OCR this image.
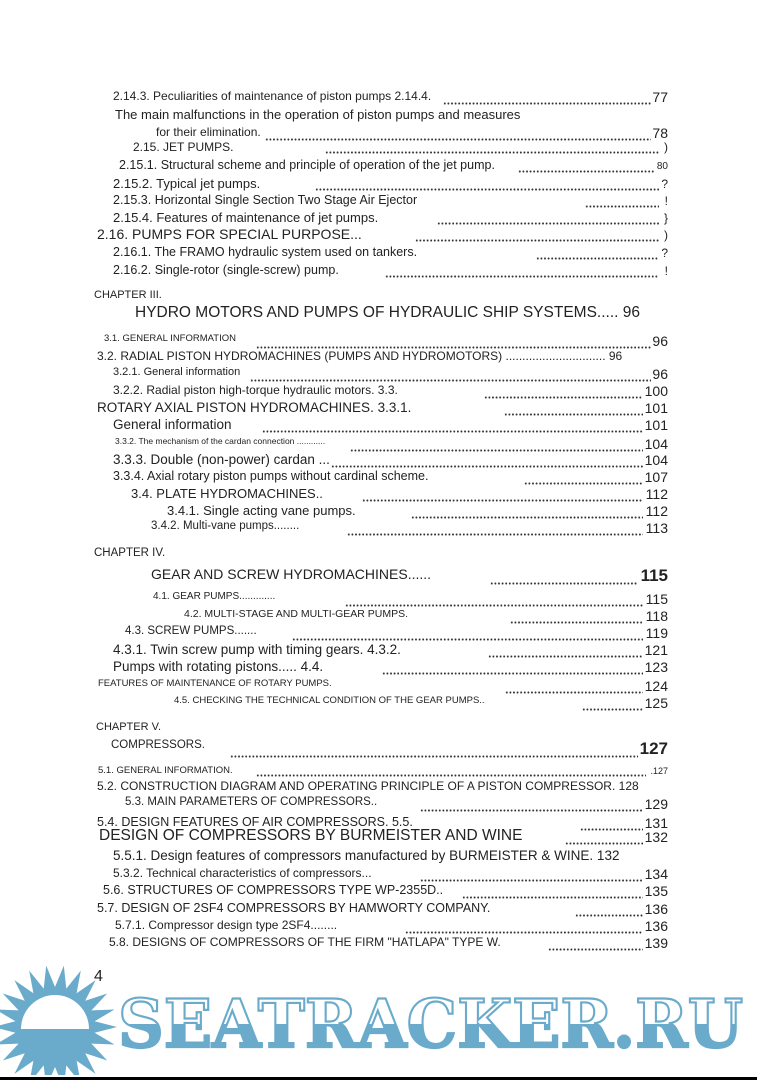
2.14.3. Peculiarities of maintenance of piston pumps 2.14.4.	77
The main malfunctions in the operation of piston pumps and measures
for their elimination.	78
2.15. JET PUMPS.	)
2.15.1. Structural scheme and principle of operation of the jet pump.	80
2.15.2. Typical jet pumps.	?
2.15.3. Horizontal Single Section Two Stage Air Ejector	!
2.15.4. Features of maintenance of jet pumps.	}
2.16. PUMPS FOR SPECIAL PURPOSE...	)
2.16.1. The FRAMO hydraulic system used on tankers.	?
2.16.2. Single-rotor (single-screw) pump.	!
CHAPTER III.
HYDRO MOTORS AND PUMPS OF HYDRAULIC SHIP SYSTEMS..... 96
3.1. GENERAL INFORMATION	96
3.2. RADIAL PISTON HYDROMACHINES (PUMPS AND HYDROMOTORS) .............................. 96
3.2.1. General information	96
3.2.2. Radial piston high-torque hydraulic motors. 3.3.	100
ROTARY AXIAL PISTON HYDROMACHINES. 3.3.1.	101
General information	101
3.3.2. The mechanism of the cardan connection ............	104
3.3.3. Double (non-power) cardan ...	104
3.3.4. Axial rotary piston pumps without cardinal scheme.	107
3.4. PLATE HYDROMACHINES..	112
3.4.1. Single acting vane pumps.	112
3.4.2. Multi-vane pumps........	113
CHAPTER IV.
GEAR AND SCREW HYDROMACHINES......	115
4.1. GEAR PUMPS.............	115
4.2. MULTI-STAGE AND MULTI-GEAR PUMPS.	118
4.3. SCREW PUMPS.......	119
4.3.1. Twin screw pump with timing gears. 4.3.2.	121
Pumps with rotating pistons..... 4.4.	123
FEATURES OF MAINTENANCE OF ROTARY PUMPS.	124
4.5. CHECKING THE TECHNICAL CONDITION OF THE GEAR PUMPS..	125
CHAPTER V.
COMPRESSORS.	127
5.1. GENERAL INFORMATION.	.127
5.2. CONSTRUCTION DIAGRAM AND OPERATING PRINCIPLE OF A PISTON COMPRESSOR. 128
5.3. MAIN PARAMETERS OF COMPRESSORS..	129
5.4. DESIGN FEATURES OF AIR COMPRESSORS. 5.5.	131
DESIGN OF COMPRESSORS BY BURMEISTER AND WINE	132
5.5.1. Design features of compressors manufactured by BURMEISTER & WINE. 132
5.3.2. Technical characteristics of compressors...	134
5.6. STRUCTURES OF COMPRESSORS TYPE WP-2355D..	135
5.7. DESIGN OF 2SF4 COMPRESSORS BY HAMWORTY COMPANY.	136
5.7.1. Compressor design type 2SF4........	136
5.8. DESIGNS OF COMPRESSORS OF THE FIRM "HATLAPA" TYPE W.	139
4
SEATRACKER.RU
